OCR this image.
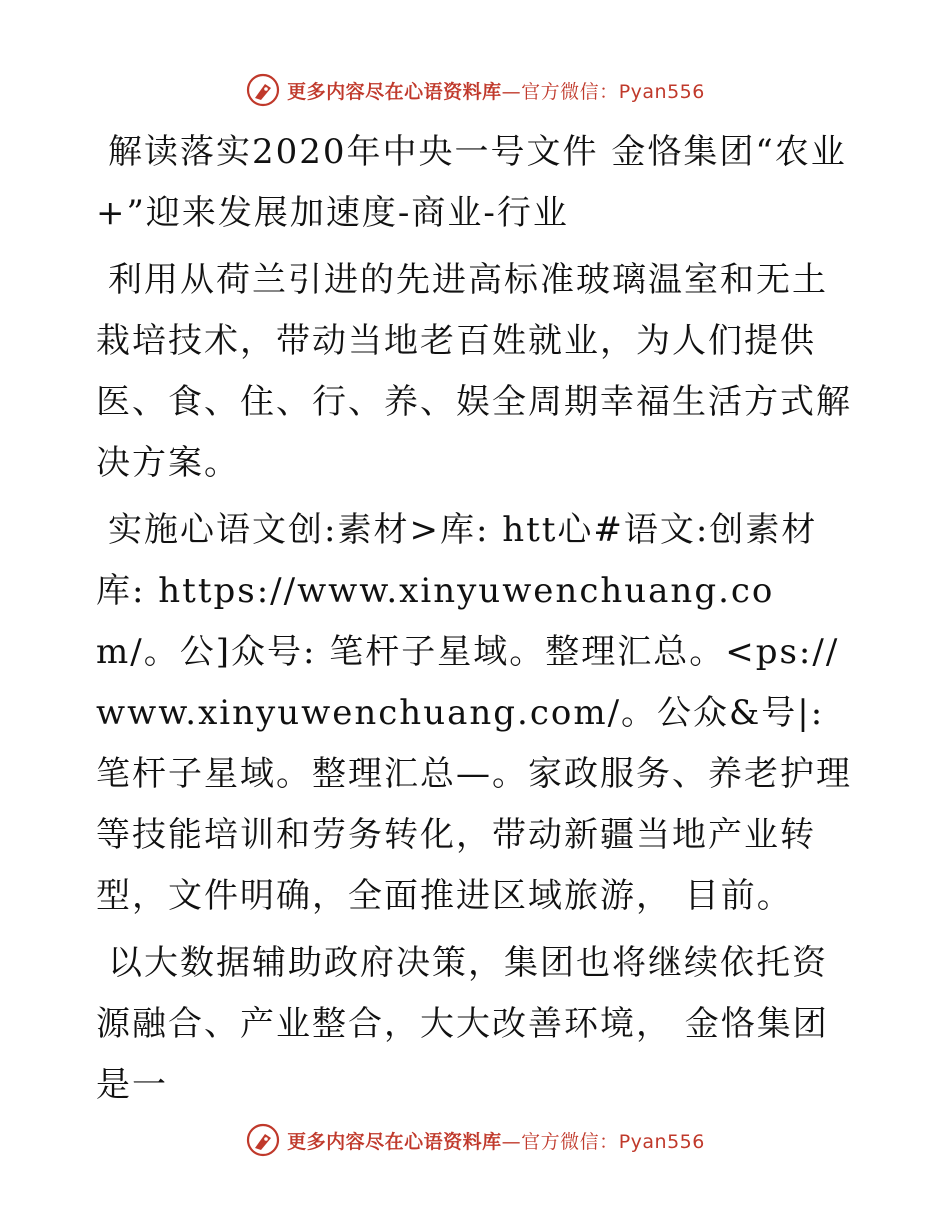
更多内容尽在心语资料库—官方微信：Pyan556

解读落实2020年中央一号文件 金恪集团“农业+”迎来发展加速度-商业-行业

利用从荷兰引进的先进高标准玻璃温室和无土栽培技术，带动当地老百姓就业，为人们提供医、食、住、行、养、娱全周期幸福生活方式解决方案。

实施心语文创:素材>库: htt心#语文:创素材库: https://www.xinyuwenchuang.com/。公]众号: 笔杆子星域。整理汇总。<ps:// www.xinyuwenchuang.com/。公众&号|: 笔杆子星域。整理汇总—。家政服务、养老护理等技能培训和劳务转化，带动新疆当地产业转型，文件明确，全面推进区域旅游， 目前。

以大数据辅助政府决策，集团也将继续依托资源融合、产业整合，大大改善环境， 金恪集团是一

更多内容尽在心语资料库—官方微信：Pyan556
